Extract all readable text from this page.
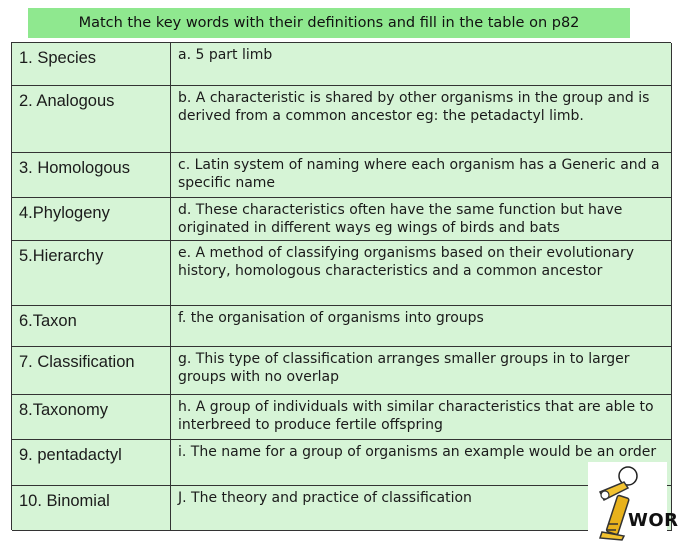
Match the key words with their definitions and fill in the table on p82
1. Species	a. 5 part limb
2. Analogous	b. A characteristic is shared by other organisms in the group and is derived from a common ancestor eg: the petadactyl limb.
3. Homologous	c. Latin system of naming where each organism has a Generic and a specific name
4.Phylogeny	d. These characteristics often have the same function but have originated in different ways eg wings of birds and bats
5.Hierarchy	e. A method of classifying organisms based on their evolutionary history, homologous characteristics and a common ancestor
6.Taxon	f. the organisation of organisms into groups
7. Classification	g. This type of classification arranges smaller groups in to larger groups with no overlap
8.Taxonomy	h. A group of individuals with similar characteristics that are able to interbreed to produce fertile offspring
9. pentadactyl	i. The name for a group of organisms an example would be an order
10. Binomial	J. The theory and practice of classification
WOR
